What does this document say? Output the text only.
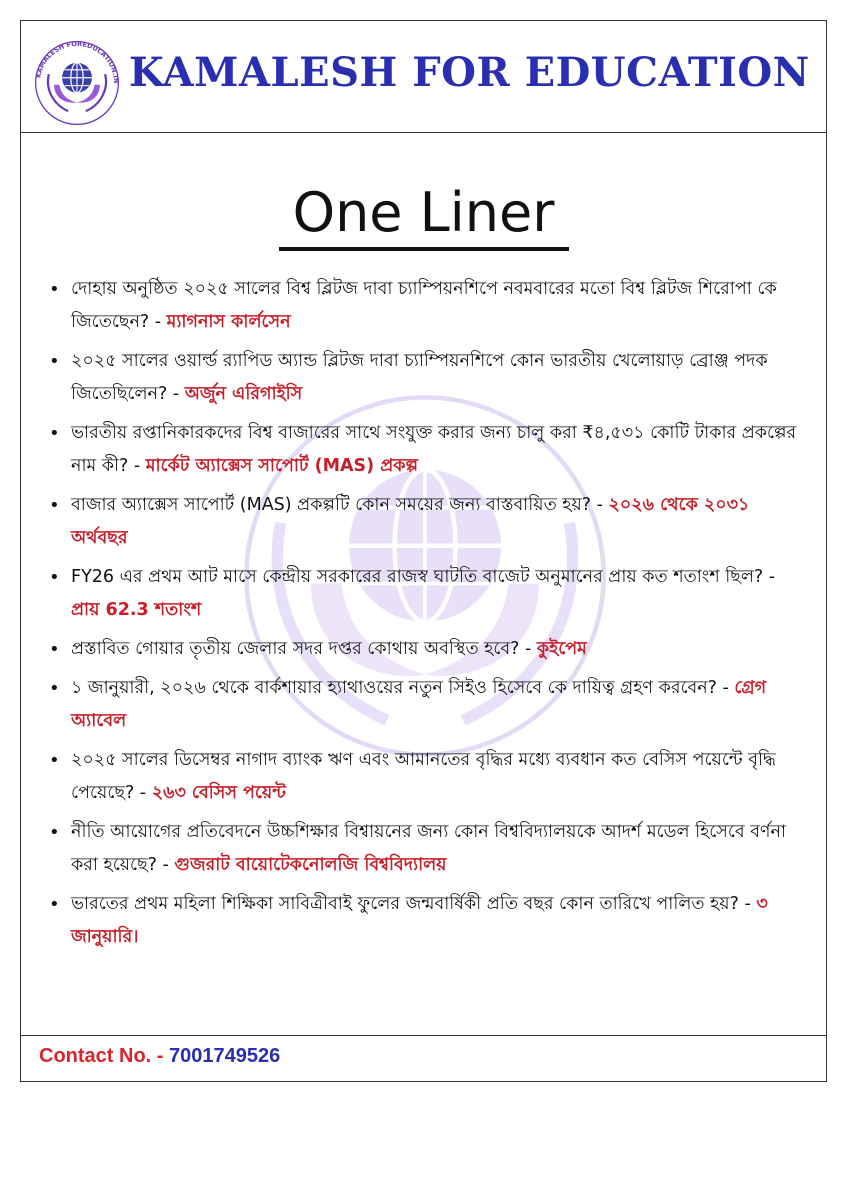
KAMALESH FOREDUCATION.IN KAMALESH FOR EDUCATION
One Liner
• দোহায় অনুষ্ঠিত ২০২৫ সালের বিশ্ব ব্লিটজ দাবা চ্যাম্পিয়নশিপে নবমবারের মতো বিশ্ব ব্লিটজ শিরোপা কে জিতেছেন? - ম্যাগনাস কার্লসেন
• ২০২৫ সালের ওয়ার্ল্ড র‍্যাপিড অ্যান্ড ব্লিটজ দাবা চ্যাম্পিয়নশিপে কোন ভারতীয় খেলোয়াড় ব্রোঞ্জ পদক জিতেছিলেন? - অর্জুন এরিগাইসি
• ভারতীয় রপ্তানিকারকদের বিশ্ব বাজারের সাথে সংযুক্ত করার জন্য চালু করা ₹৪,৫৩১ কোটি টাকার প্রকল্পের নাম কী? - মার্কেট অ্যাক্সেস সাপোর্ট (MAS) প্রকল্প
• বাজার অ্যাক্সেস সাপোর্ট (MAS) প্রকল্পটি কোন সময়ের জন্য বাস্তবায়িত হয়? - ২০২৬ থেকে ২০৩১ অর্থবছর
• FY26 এর প্রথম আট মাসে কেন্দ্রীয় সরকারের রাজস্ব ঘাটতি বাজেট অনুমানের প্রায় কত শতাংশ ছিল? - প্রায় 62.3 শতাংশ
• প্রস্তাবিত গোয়ার তৃতীয় জেলার সদর দপ্তর কোথায় অবস্থিত হবে? - কুইপেম
• ১ জানুয়ারী, ২০২৬ থেকে বার্কশায়ার হ্যাথাওয়ের নতুন সিইও হিসেবে কে দায়িত্ব গ্রহণ করবেন? - গ্রেগ অ্যাবেল
• ২০২৫ সালের ডিসেম্বর নাগাদ ব্যাংক ঋণ এবং আমানতের বৃদ্ধির মধ্যে ব্যবধান কত বেসিস পয়েন্টে বৃদ্ধি পেয়েছে? - ২৬৩ বেসিস পয়েন্ট
• নীতি আয়োগের প্রতিবেদনে উচ্চশিক্ষার বিশ্বায়নের জন্য কোন বিশ্ববিদ্যালয়কে আদর্শ মডেল হিসেবে বর্ণনা করা হয়েছে? - গুজরাট বায়োটেকনোলজি বিশ্ববিদ্যালয়
• ভারতের প্রথম মহিলা শিক্ষিকা সাবিত্রীবাই ফুলের জন্মবার্ষিকী প্রতি বছর কোন তারিখে পালিত হয়? - ৩ জানুয়ারি।
Contact No. - 7001749526
